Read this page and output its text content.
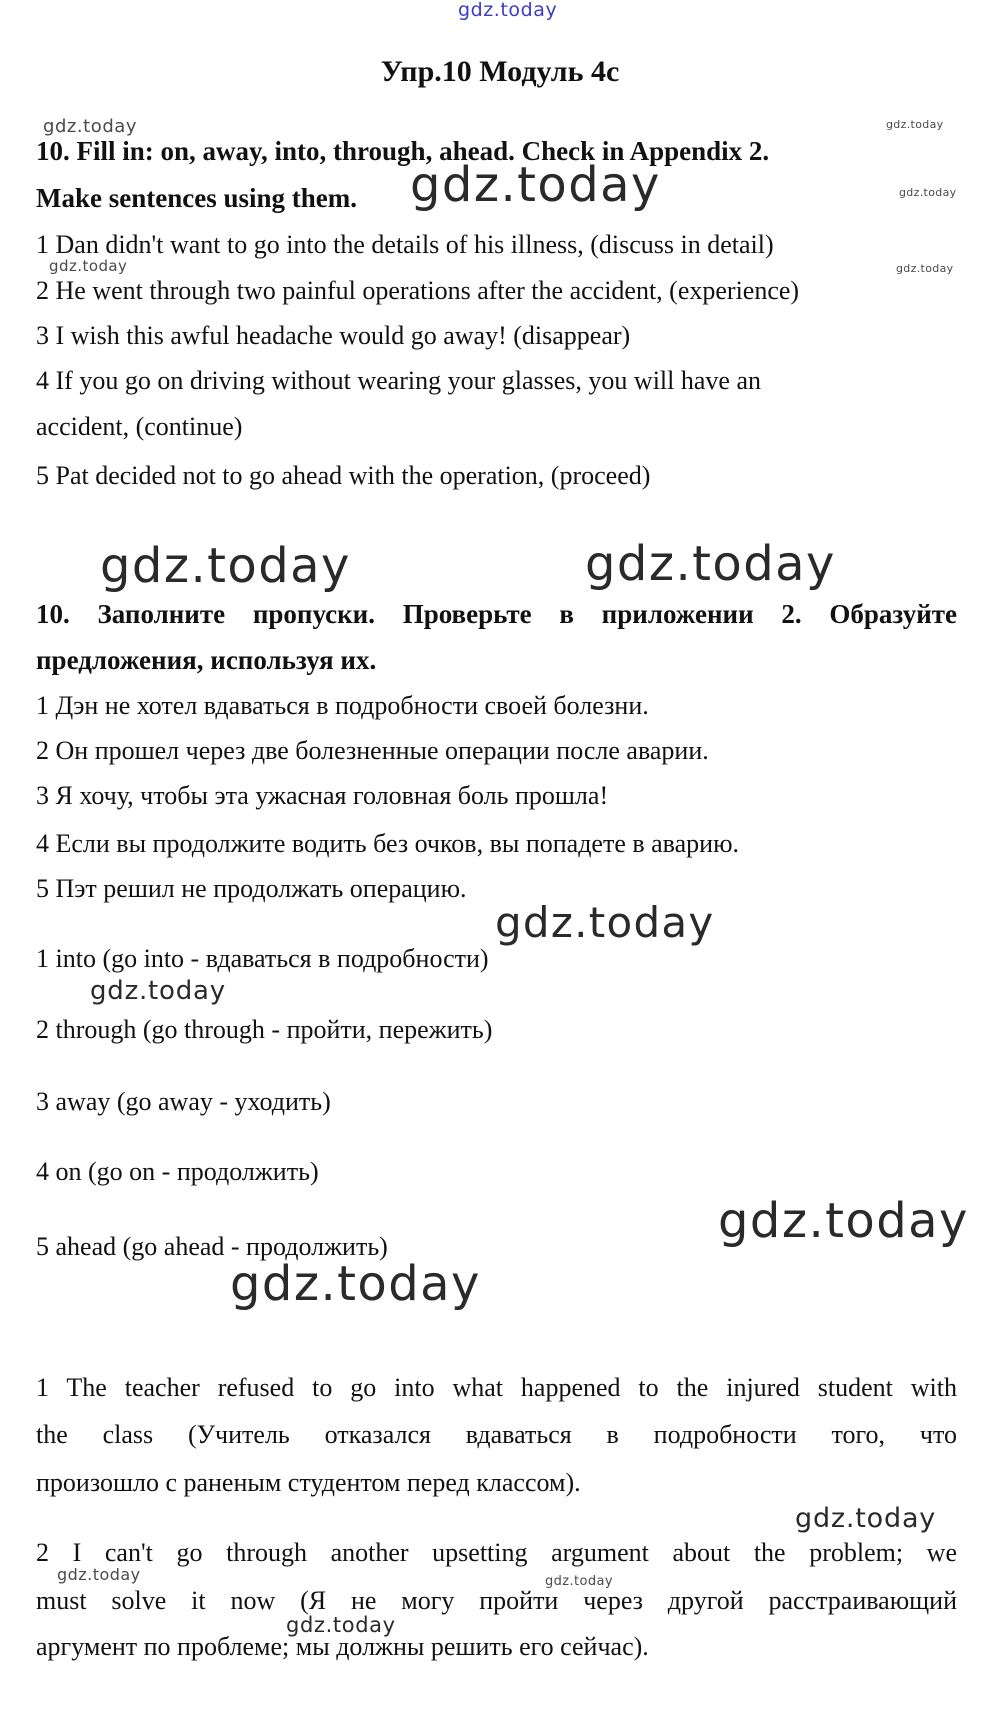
gdz.today
gdz.today	gdz.today
gdz.today
gdz.today
gdz.today	gdz.today
gdz.today	gdz.today
gdz.today
gdz.today
gdz.today
gdz.today
gdz.today
gdz.today	gdz.today
gdz.today
Упр.10 Модуль 4c
10. Fill in: on, away, into, through, ahead. Check in Appendix 2.
Make sentences using them.
1 Dan didn't want to go into the details of his illness, (discuss in detail)
2 He went through two painful operations after the accident, (experience)
3 I wish this awful headache would go away! (disappear)
4 If you go on driving without wearing your glasses, you will have an
accident, (continue)
5 Pat decided not to go ahead with the operation, (proceed)
10. Заполните пропуски. Проверьте в приложении 2. Образуйте
предложения, используя их.
1 Дэн не хотел вдаваться в подробности своей болезни.
2 Он прошел через две болезненные операции после аварии.
3 Я хочу, чтобы эта ужасная головная боль прошла!
4 Если вы продолжите водить без очков, вы попадете в аварию.
5 Пэт решил не продолжать операцию.
1 into (go into - вдаваться в подробности)
2 through (go through - пройти, пережить)
3 away (go away - уходить)
4 on (go on - продолжить)
5 ahead (go ahead - продолжить)
1 The teacher refused to go into what happened to the injured student with
the class (Учитель отказался вдаваться в подробности того, что
произошло с раненым студентом перед классом).
2 I can't go through another upsetting argument about the problem; we
must solve it now (Я не могу пройти через другой расстраивающий
аргумент по проблеме; мы должны решить его сейчас).
